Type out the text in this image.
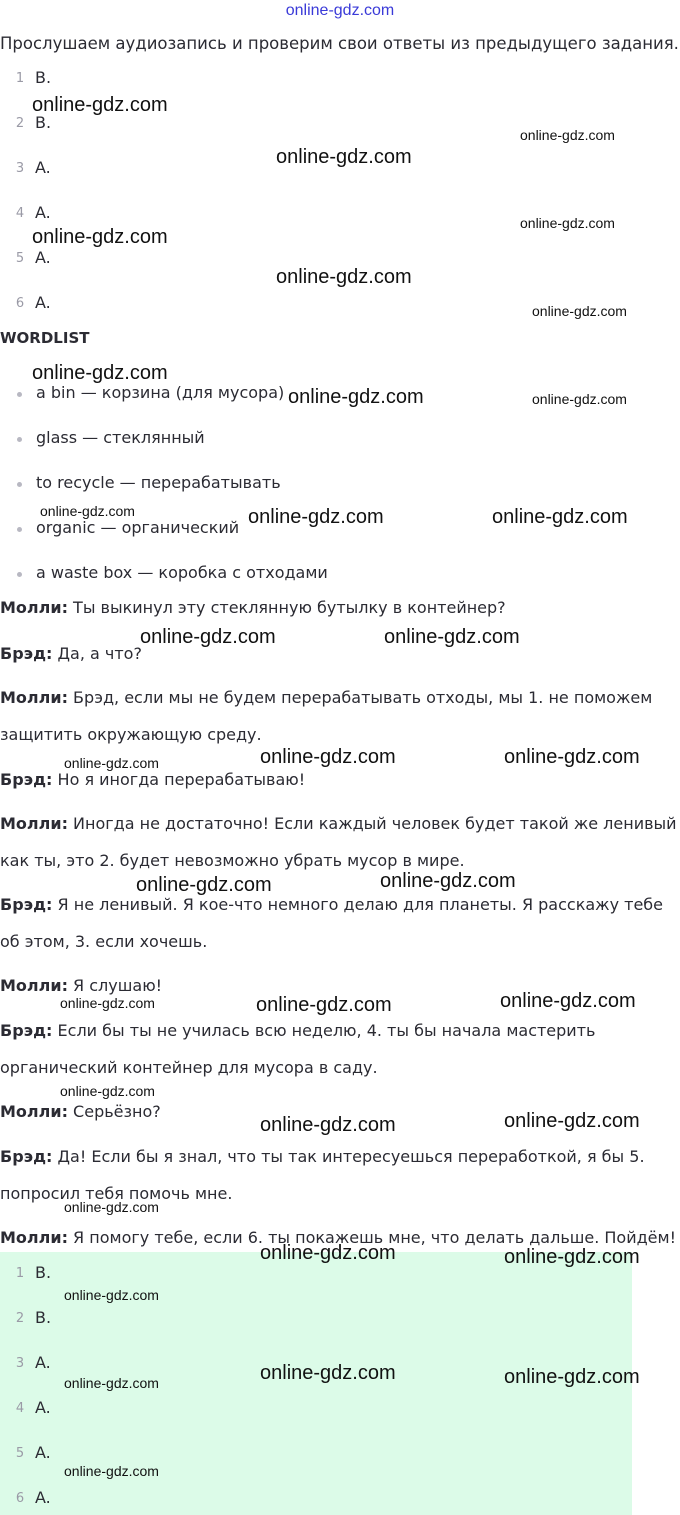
online-gdz.com
Прослушаем аудиозапись и проверим свои ответы из предыдущего задания.
1 B.
2 B.
3 A.
4 A.
5 A.
6 A.
WORDLIST
a bin — корзина (для мусора)
glass — стеклянный
to recycle — перерабатывать
organic — органический
a waste box — коробка с отходами
Молли: Ты выкинул эту стеклянную бутылку в контейнер?
Брэд: Да, а что?
Молли: Брэд, если мы не будем перерабатывать отходы, мы 1. не поможем защитить окружающую среду.
Брэд: Но я иногда перерабатываю!
Молли: Иногда не достаточно! Если каждый человек будет такой же ленивый как ты, это 2. будет невозможно убрать мусор в мире.
Брэд: Я не ленивый. Я кое-что немного делаю для планеты. Я расскажу тебе об этом, 3. если хочешь.
Молли: Я слушаю!
Брэд: Если бы ты не училась всю неделю, 4. ты бы начала мастерить органический контейнер для мусора в саду.
Молли: Серьёзно?
Брэд: Да! Если бы я знал, что ты так интересуешься переработкой, я бы 5. попросил тебя помочь мне.
Молли: Я помогу тебе, если 6. ты покажешь мне, что делать дальше. Пойдём!
1 B.
2 B.
3 A.
4 A.
5 A.
6 A.
online-gdz.com
online-gdz.com
online-gdz.com
online-gdz.com
online-gdz.com
online-gdz.com
online-gdz.com
online-gdz.com
online-gdz.com	online-gdz.com
online-gdz.com	online-gdz.com	online-gdz.com
online-gdz.com	online-gdz.com
online-gdz.com	online-gdz.com
online-gdz.com
online-gdz.com
online-gdz.com
online-gdz.com
online-gdz.com
online-gdz.com
online-gdz.com
online-gdz.com
online-gdz.com
online-gdz.com
online-gdz.com	online-gdz.com
online-gdz.com
online-gdz.com	online-gdz.com
online-gdz.com
online-gdz.com
